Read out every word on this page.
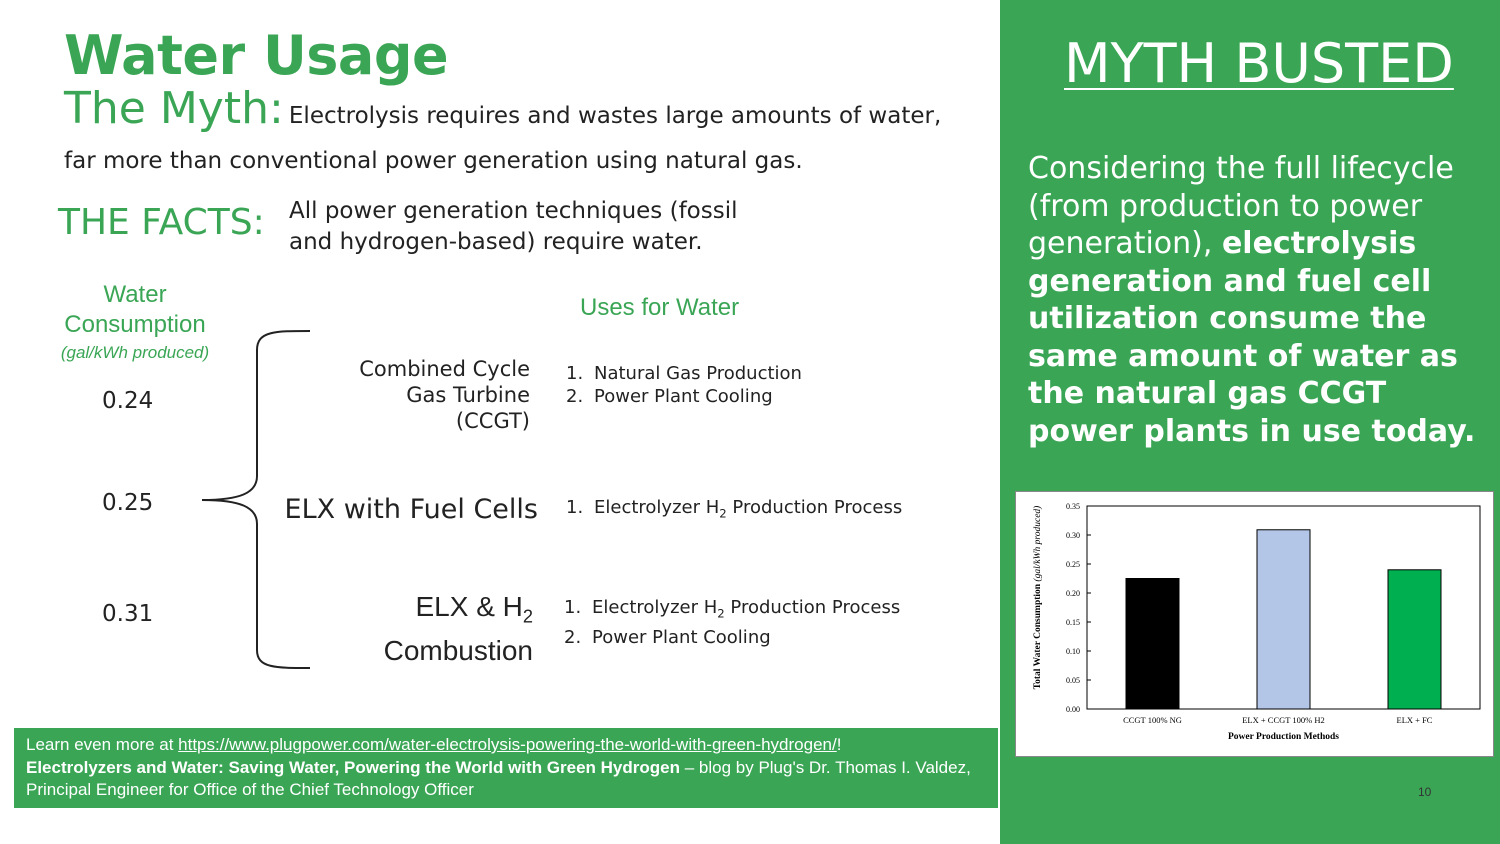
Water Usage
The Myth: Electrolysis requires and wastes large amounts of water,
far more than conventional power generation using natural gas.
THE FACTS: All power generation techniques (fossil
and hydrogen-based) require water.
Water
Consumption
(gal/kWh produced)
0.24
0.25
0.31
Uses for Water
Combined Cycle
Gas Turbine
(CCGT)
ELX with Fuel Cells
ELX & $H_2$
Combustion
1. Natural Gas Production
2. Power Plant Cooling
1. Electrolyzer $H_2$ Production Process
1. Electrolyzer $H_2$ Production Process
2. Power Plant Cooling
Learn even more at https://www.plugpower.com/water-electrolysis-powering-the-world-with-green-hydrogen/!
Electrolyzers and Water: Saving Water, Powering the World with Green Hydrogen – blog by Plug's Dr. Thomas I. Valdez, Principal Engineer for Office of the Chief Technology Officer
MYTH BUSTED
Considering the full lifecycle (from production to power generation), electrolysis generation and fuel cell utilization consume the same amount of water as the natural gas CCGT power plants in use today.
0.00
0.05
0.10
0.15
0.20
0.25
0.30
0.35
CCGT 100% NG	ELX + CCGT 100% H2	ELX + FC
Power Production Methods
Total Water Consumption (gal/kWh produced)
10
